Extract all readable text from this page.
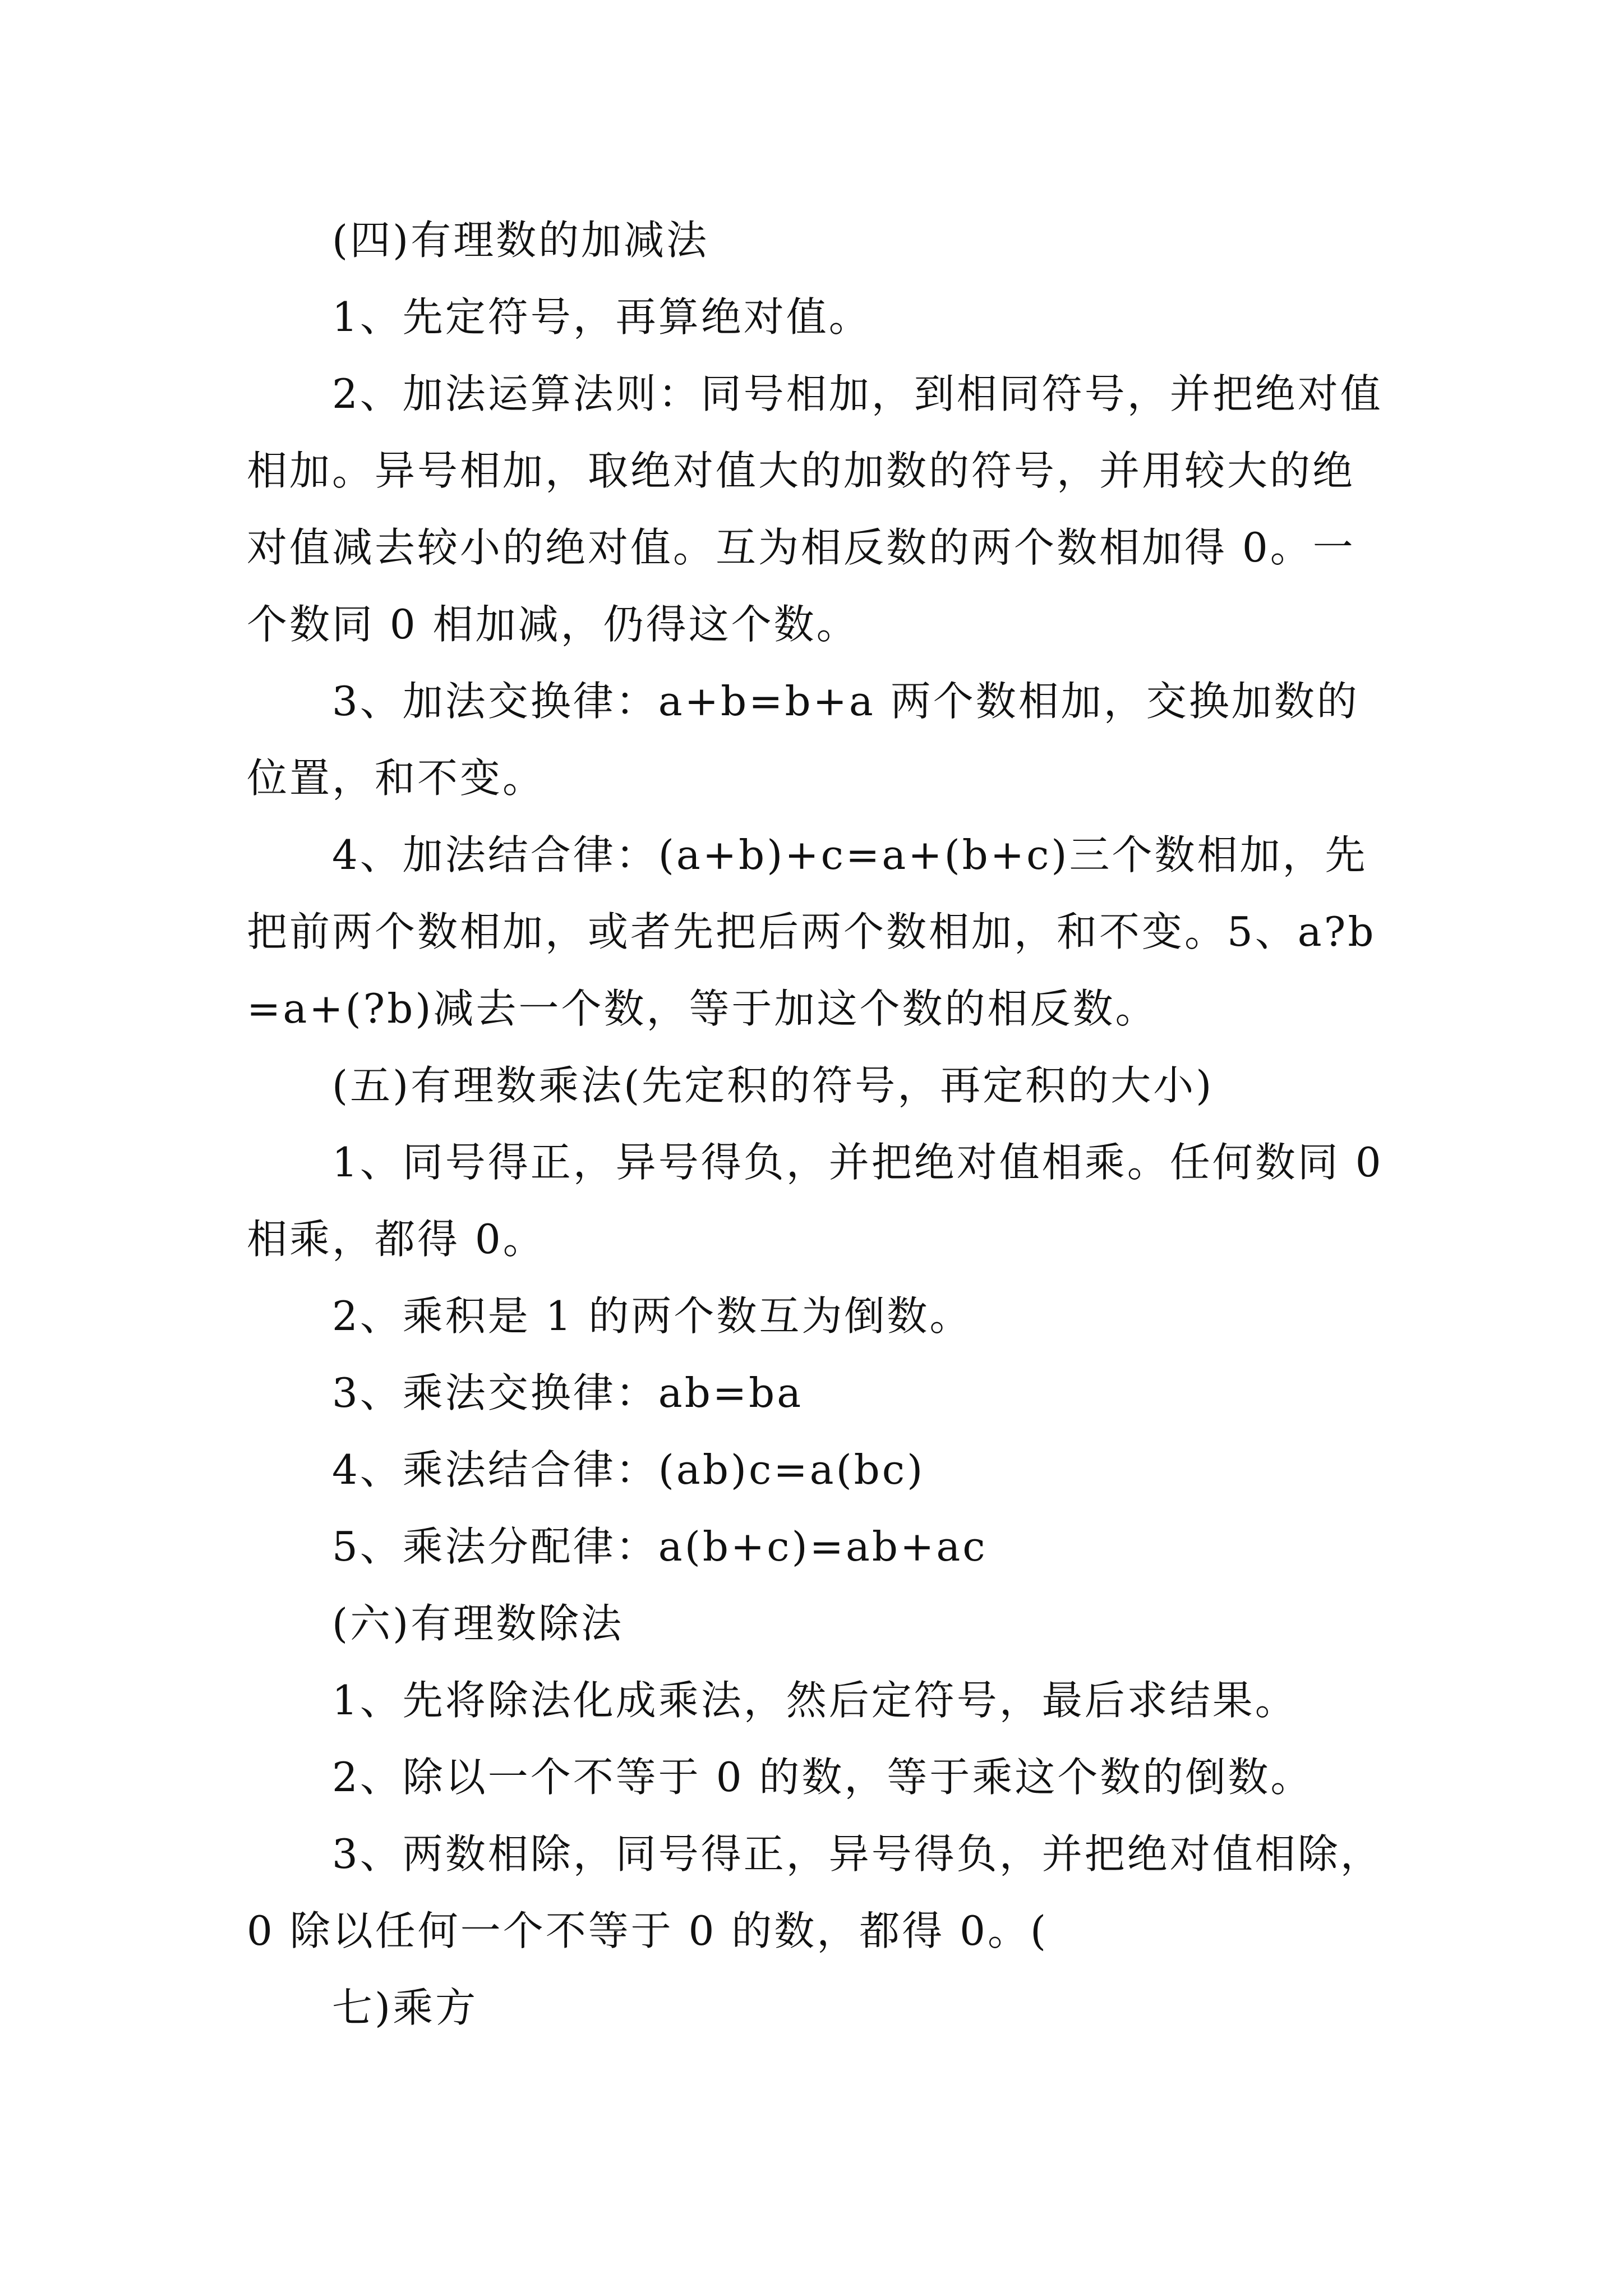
(四)有理数的加减法

1、先定符号，再算绝对值。

2、加法运算法则：同号相加，到相同符号，并把绝对值相加。异号相加，取绝对值大的加数的符号，并用较大的绝对值减去较小的绝对值。互为相反数的两个数相加得 0。一个数同 0 相加减，仍得这个数。

3、加法交换律：a+b=b+a 两个数相加，交换加数的位置，和不变。

4、加法结合律：(a+b)+c=a+(b+c)三个数相加，先把前两个数相加，或者先把后两个数相加，和不变。5、a?b=a+(?b)减去一个数，等于加这个数的相反数。

(五)有理数乘法(先定积的符号，再定积的大小)

1、同号得正，异号得负，并把绝对值相乘。任何数同 0 相乘，都得 0。

2、乘积是 1 的两个数互为倒数。

3、乘法交换律：ab=ba

4、乘法结合律：(ab)c=a(bc)

5、乘法分配律：a(b+c)=ab+ac

(六)有理数除法

1、先将除法化成乘法，然后定符号，最后求结果。

2、除以一个不等于 0 的数，等于乘这个数的倒数。

3、两数相除，同号得正，异号得负，并把绝对值相除，0 除以任何一个不等于 0 的数，都得 0。(

七)乘方
